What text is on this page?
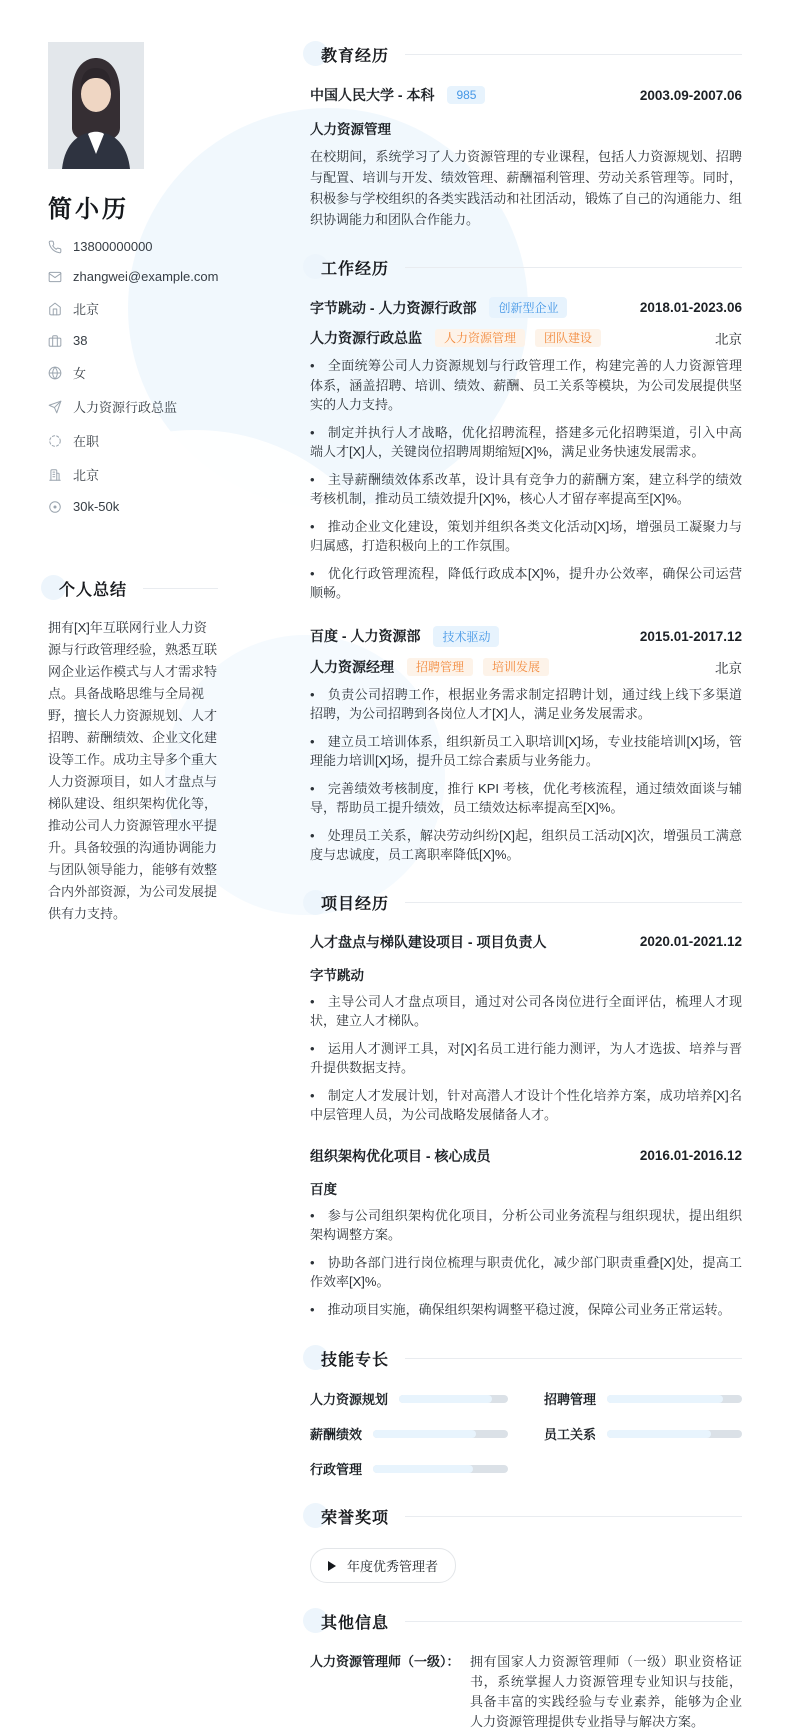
简小历
13800000000
zhangwei@example.com
北京
38
女
人力资源行政总监
在职
北京
30k-50k
个人总结

拥有[X]年互联网行业人力资源与行政管理经验，熟悉互联网企业运作模式与人才需求特点。具备战略思维与全局视野，擅长人力资源规划、人才招聘、薪酬绩效、企业文化建设等工作。成功主导多个重大人力资源项目，如人才盘点与梯队建设、组织架构优化等，推动公司人力资源管理水平提升。具备较强的沟通协调能力与团队领导能力，能够有效整合内外部资源，为公司发展提供有力支持。

教育经历
中国人民大学 - 本科	985	2003.09-2007.06
人力资源管理

在校期间，系统学习了人力资源管理的专业课程，包括人力资源规划、招聘与配置、培训与开发、绩效管理、薪酬福利管理、劳动关系管理等。同时，积极参与学校组织的各类实践活动和社团活动，锻炼了自己的沟通能力、组织协调能力和团队合作能力。

工作经历
字节跳动 - 人力资源行政部	创新型企业	2018.01-2023.06
人力资源行政总监	人力资源管理 团队建设	北京

• 全面统筹公司人力资源规划与行政管理工作，构建完善的人力资源管理体系，涵盖招聘、培训、绩效、薪酬、员工关系等模块，为公司发展提供坚实的人力支持。

• 制定并执行人才战略，优化招聘流程，搭建多元化招聘渠道，引入中高端人才[X]人，关键岗位招聘周期缩短[X]%，满足业务快速发展需求。

• 主导薪酬绩效体系改革，设计具有竞争力的薪酬方案，建立科学的绩效考核机制，推动员工绩效提升[X]%，核心人才留存率提高至[X]%。

• 推动企业文化建设，策划并组织各类文化活动[X]场，增强员工凝聚力与归属感，打造积极向上的工作氛围。

• 优化行政管理流程，降低行政成本[X]%，提升办公效率，确保公司运营顺畅。

百度 - 人力资源部	技术驱动	2015.01-2017.12
人力资源经理	招聘管理 培训发展	北京

• 负责公司招聘工作，根据业务需求制定招聘计划，通过线上线下多渠道招聘，为公司招聘到各岗位人才[X]人，满足业务发展需求。

• 建立员工培训体系，组织新员工入职培训[X]场，专业技能培训[X]场，管理能力培训[X]场，提升员工综合素质与业务能力。

• 完善绩效考核制度，推行 KPI 考核，优化考核流程，通过绩效面谈与辅导，帮助员工提升绩效，员工绩效达标率提高至[X]%。

• 处理员工关系，解决劳动纠纷[X]起，组织员工活动[X]次，增强员工满意度与忠诚度，员工离职率降低[X]%。

项目经历
人才盘点与梯队建设项目 - 项目负责人	2020.01-2021.12
字节跳动

• 主导公司人才盘点项目，通过对公司各岗位进行全面评估，梳理人才现状，建立人才梯队。

• 运用人才测评工具，对[X]名员工进行能力测评，为人才选拔、培养与晋升提供数据支持。

• 制定人才发展计划，针对高潜人才设计个性化培养方案，成功培养[X]名中层管理人员，为公司战略发展储备人才。

组织架构优化项目 - 核心成员	2016.01-2016.12
百度

• 参与公司组织架构优化项目，分析公司业务流程与组织现状，提出组织架构调整方案。

• 协助各部门进行岗位梳理与职责优化，减少部门职责重叠[X]处，提高工作效率[X]%。

• 推动项目实施，确保组织架构调整平稳过渡，保障公司业务正常运转。

技能专长
人力资源规划	招聘管理
薪酬绩效	员工关系
行政管理
荣誉奖项
年度优秀管理者
其他信息
人力资源管理师（一级）： 拥有国家人力资源管理师（一级）职业资格证书，系统掌握人力资源管理专业知识与技能，具备丰富的实践经验与专业素养，能够为企业人力资源管理提供专业指导与解决方案。
